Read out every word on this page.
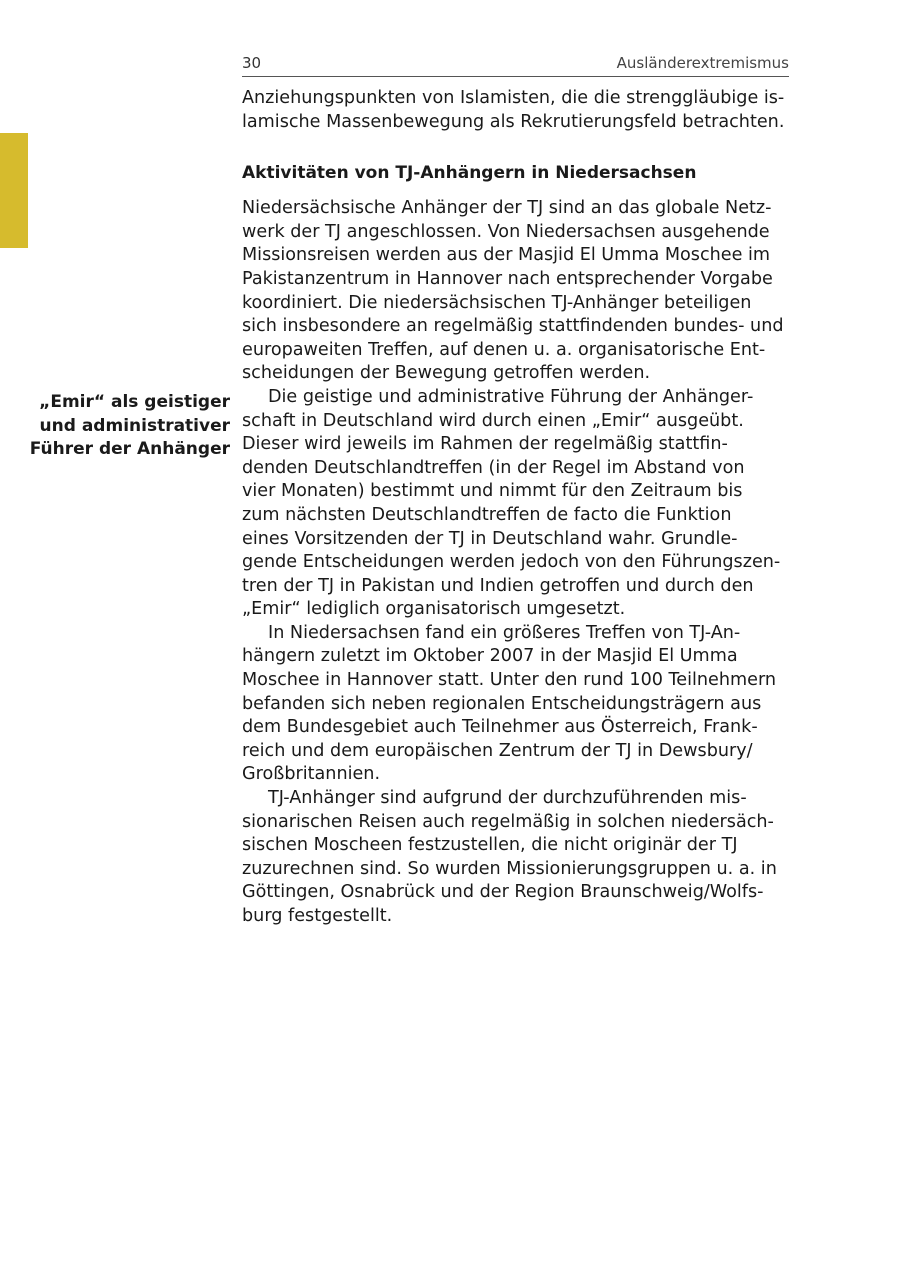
30	Ausländerextremismus
Anziehungspunkten von Islamisten, die die strenggläubige is-
lamische Massenbewegung als Rekrutierungsfeld betrachten.
Aktivitäten von TJ-Anhängern in Niedersachsen
Niedersächsische Anhänger der TJ sind an das globale Netz-
werk der TJ angeschlossen. Von Niedersachsen ausgehende
Missionsreisen werden aus der Masjid El Umma Moschee im
Pakistanzentrum in Hannover nach entsprechender Vorgabe
koordiniert. Die niedersächsischen TJ-Anhänger beteiligen
sich insbesondere an regelmäßig stattfindenden bundes- und
europaweiten Treffen, auf denen u. a. organisatorische Ent-
scheidungen der Bewegung getroffen werden.
Die geistige und administrative Führung der Anhänger-
schaft in Deutschland wird durch einen „Emir“ ausgeübt.
Dieser wird jeweils im Rahmen der regelmäßig stattfin-
denden Deutschlandtreffen (in der Regel im Abstand von
vier Monaten) bestimmt und nimmt für den Zeitraum bis
zum nächsten Deutschlandtreffen de facto die Funktion
eines Vorsitzenden der TJ in Deutschland wahr. Grundle-
gende Entscheidungen werden jedoch von den Führungszen-
tren der TJ in Pakistan und Indien getroffen und durch den
„Emir“ lediglich organisatorisch umgesetzt.
In Niedersachsen fand ein größeres Treffen von TJ-An-
hängern zuletzt im Oktober 2007 in der Masjid El Umma
Moschee in Hannover statt. Unter den rund 100 Teilnehmern
befanden sich neben regionalen Entscheidungsträgern aus
dem Bundesgebiet auch Teilnehmer aus Österreich, Frank-
reich und dem europäischen Zentrum der TJ in Dewsbury/
Großbritannien.
TJ-Anhänger sind aufgrund der durchzuführenden mis-
sionarischen Reisen auch regelmäßig in solchen niedersäch-
sischen Moscheen festzustellen, die nicht originär der TJ
zuzurechnen sind. So wurden Missionierungsgruppen u. a. in
Göttingen, Osnabrück und der Region Braunschweig/Wolfs-
burg festgestellt.
„Emir“ als geistiger
und administrativer
Führer der Anhänger
